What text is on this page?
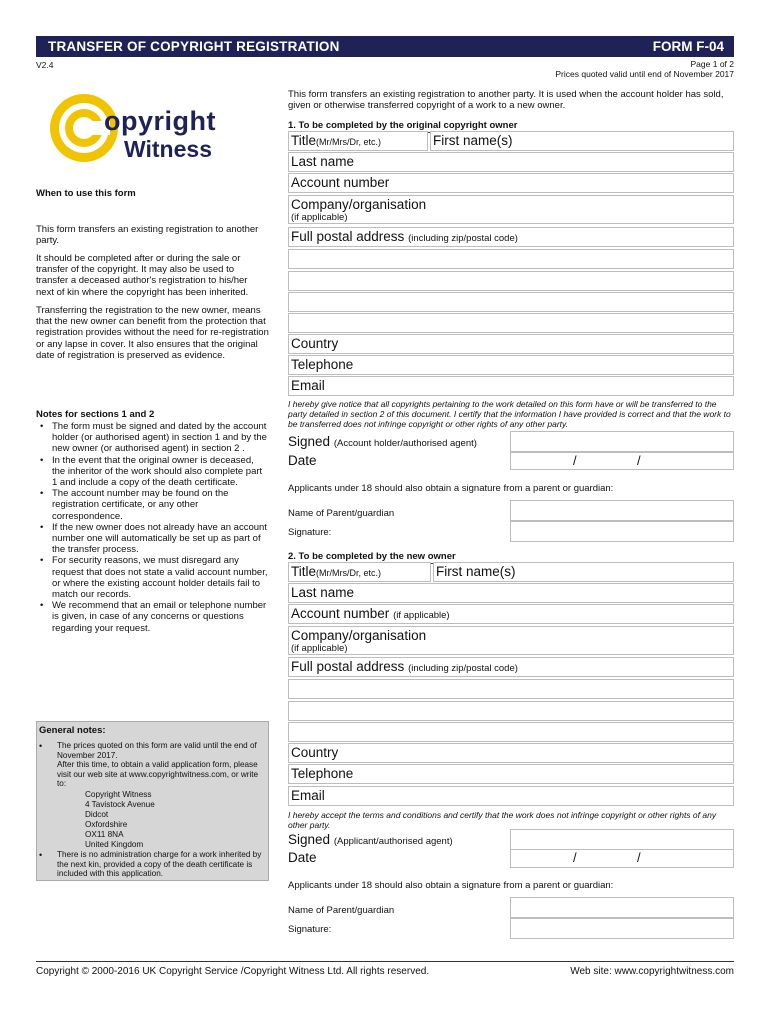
TRANSFER OF COPYRIGHT REGISTRATION	FORM F-04
V2.4	Page 1 of 2
Prices quoted valid until end of November 2017
opyright
Witness
This form transfers an existing registration to another party. It is used when the account holder has sold, given or otherwise transferred copyright of a work to a new owner.
When to use this form
This form transfers an existing registration to another party.
It should be completed after or during the sale or transfer of the copyright. It may also be used to transfer a deceased author's registration to his/her next of kin where the copyright has been inherited.
Transferring the registration to the new owner, means that the new owner can benefit from the protection that registration provides without the need for re-registration or any lapse in cover. It also ensures that the original date of registration is preserved as evidence.
Notes for sections 1 and 2
• The form must be signed and dated by the account holder (or authorised agent) in section 1 and by the new owner (or authorised agent) in section 2 .
• In the event that the original owner is deceased, the inheritor of the work should also complete part 1 and include a copy of the death certificate.
• The account number may be found on the registration certificate, or any other correspondence.
• If the new owner does not already have an account number one will automatically be set up as part of the transfer process.
• For security reasons, we must disregard any request that does not state a valid account number, or where the existing account holder details fail to match our records.
• We recommend that an email or telephone number is given, in case of any concerns or questions regarding your request.
General notes:
• The prices quoted on this form are valid until the end of November 2017.
After this time, to obtain a valid application form, please visit our web site at www.copyrightwitness.com, or write to:
Copyright Witness
4 Tavistock Avenue
Didcot
Oxfordshire
OX11 8NA
United Kingdom
• There is no administration charge for a work inherited by the next kin, provided a copy of the death certificate is included with this application.
1. To be completed by the original copyright owner
Title(Mr/Mrs/Dr, etc.)	First name(s)
Last name
Account number
Company/organisation
(if applicable)
Full postal address (including zip/postal code)
Country
Telephone
Email
I hereby give notice that all copyrights pertaining to the work detailed on this form have or will be transferred to the party detailed in section 2 of this document. I certify that the information I have provided is correct and that the work to be transferred does not infringe copyright or other rights of any other party.
Signed (Account holder/authorised agent)
Date	/	/
Applicants under 18 should also obtain a signature from a parent or guardian:
Name of Parent/guardian
Signature:
2. To be completed by the new owner
Title(Mr/Mrs/Dr, etc.)	First name(s)
Last name
Account number (if applicable)
Company/organisation
(if applicable)
Full postal address (including zip/postal code)
Country
Telephone
Email
I hereby accept the terms and conditions and certify that the work does not infringe copyright or other rights of any other party.
Signed (Applicant/authorised agent)
Date	/	/
Applicants under 18 should also obtain a signature from a parent or guardian:
Name of Parent/guardian
Signature:
Copyright © 2000-2016 UK Copyright Service /Copyright Witness Ltd. All rights reserved.	Web site: www.copyrightwitness.com
